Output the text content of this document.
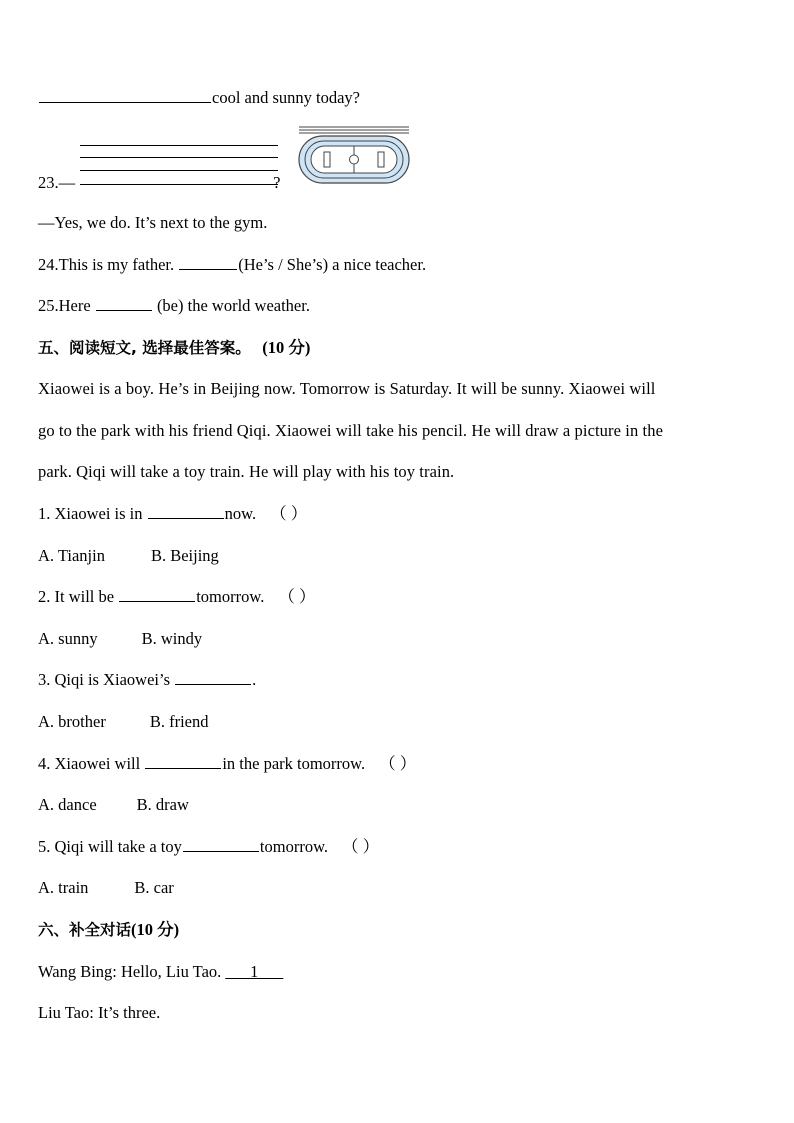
cool and sunny today?
23.—	?
—Yes, we do. It’s next to the gym.
24.This is my father.	(He’s / She’s) a nice teacher.
25.Here	(be) the world weather.
五、阅读短文, 选择最佳答案。 (10 分)
Xiaowei is a boy. He’s in Beijing now. Tomorrow is Saturday. It will be sunny. Xiaowei will
go to the park with his friend Qiqi. Xiaowei will take his pencil. He will draw a picture in the
park. Qiqi will take a toy train. He will play with his toy train.
1. Xiaowei is in	now. （ ）
A. Tianjin	B. Beijing
2. It will be	tomorrow. （ ）
A. sunny	B. windy
3. Qiqi is Xiaowei’s	.
A. brother	B. friend
4. Xiaowei will	in the park tomorrow. （ ）
A. dance B. draw
5. Qiqi will take a toy	tomorrow. （ ）
A. train	B. car
六、补全对话(10 分)
Wang Bing: Hello, Liu Tao. ___1___
Liu Tao: It’s three.
